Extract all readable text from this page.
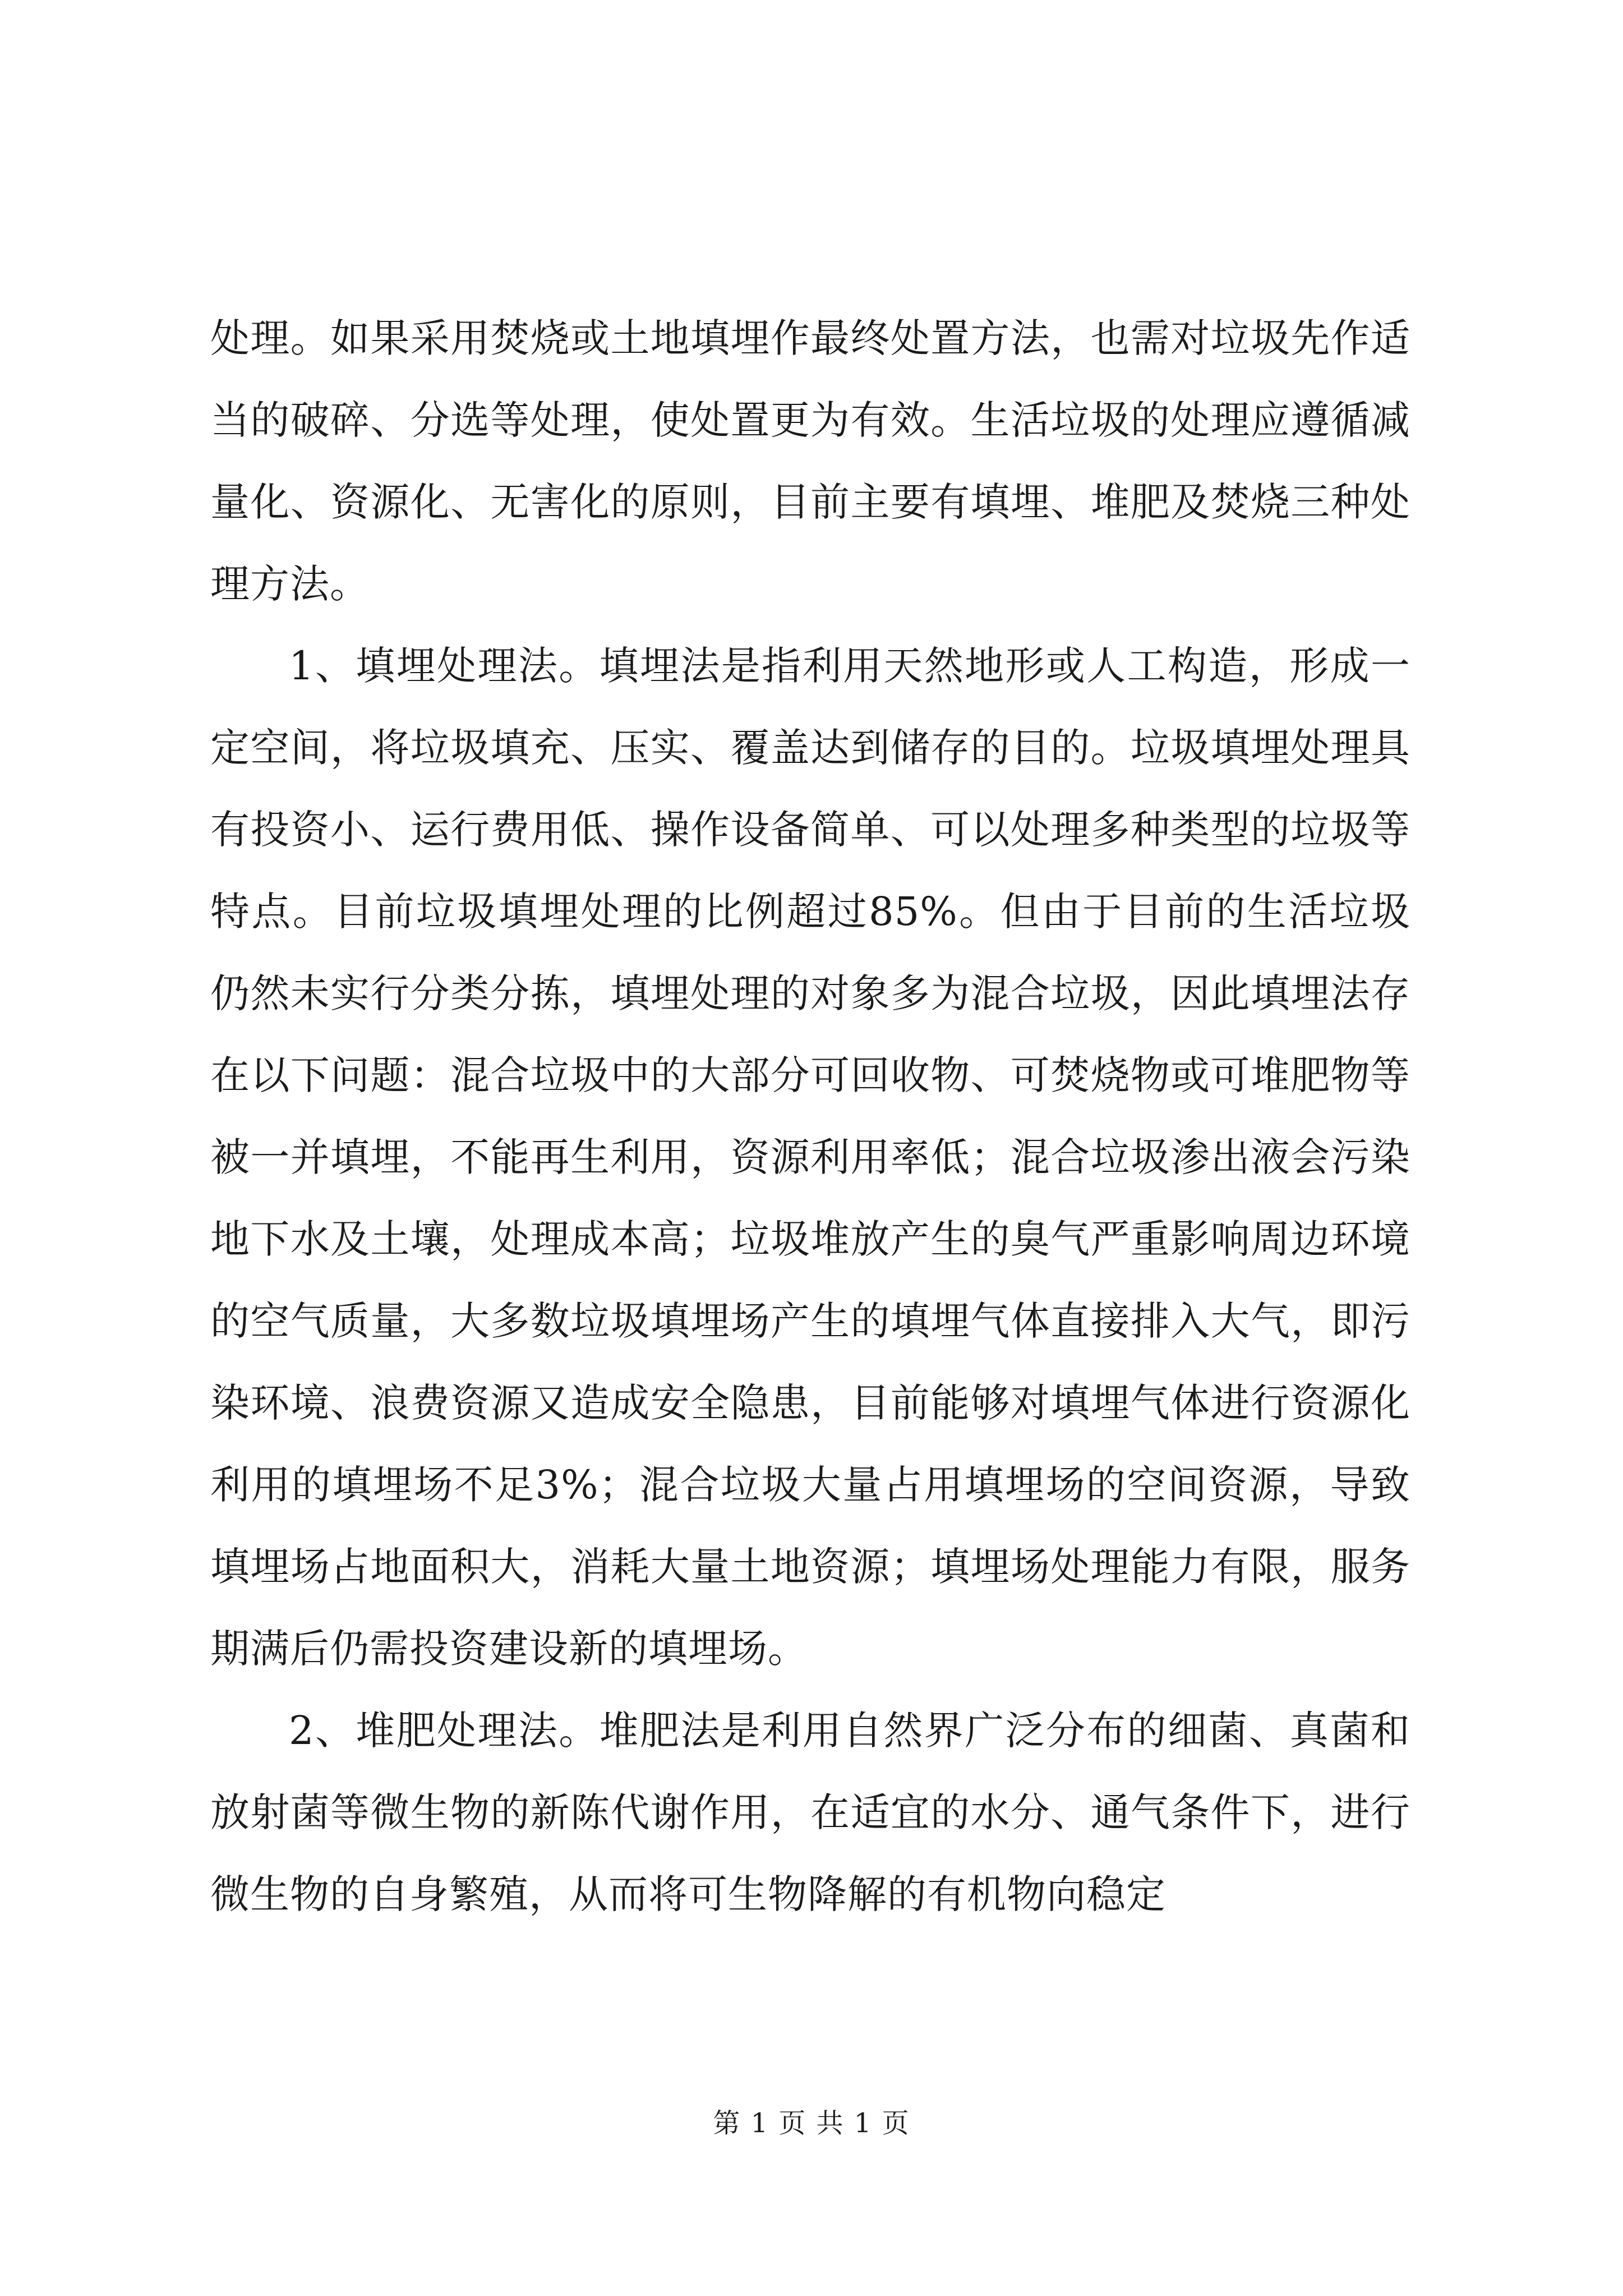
处理。如果采用焚烧或土地填埋作最终处置方法，也需对垃圾先作适当的破碎、分选等处理，使处置更为有效。生活垃圾的处理应遵循减量化、资源化、无害化的原则，目前主要有填埋、堆肥及焚烧三种处理方法。

1、填埋处理法。填埋法是指利用天然地形或人工构造，形成一定空间，将垃圾填充、压实、覆盖达到储存的目的。垃圾填埋处理具有投资小、运行费用低、操作设备简单、可以处理多种类型的垃圾等特点。目前垃圾填埋处理的比例超过85%。但由于目前的生活垃圾仍然未实行分类分拣，填埋处理的对象多为混合垃圾，因此填埋法存在以下问题：混合垃圾中的大部分可回收物、可焚烧物或可堆肥物等被一并填埋，不能再生利用，资源利用率低；混合垃圾渗出液会污染地下水及土壤，处理成本高；垃圾堆放产生的臭气严重影响周边环境的空气质量，大多数垃圾填埋场产生的填埋气体直接排入大气，即污染环境、浪费资源又造成安全隐患，目前能够对填埋气体进行资源化利用的填埋场不足3%；混合垃圾大量占用填埋场的空间资源，导致填埋场占地面积大，消耗大量土地资源；填埋场处理能力有限，服务期满后仍需投资建设新的填埋场。

2、堆肥处理法。堆肥法是利用自然界广泛分布的细菌、真菌和放射菌等微生物的新陈代谢作用，在适宜的水分、通气条件下，进行微生物的自身繁殖，从而将可生物降解的有机物向稳定

第 1 页 共 1 页
